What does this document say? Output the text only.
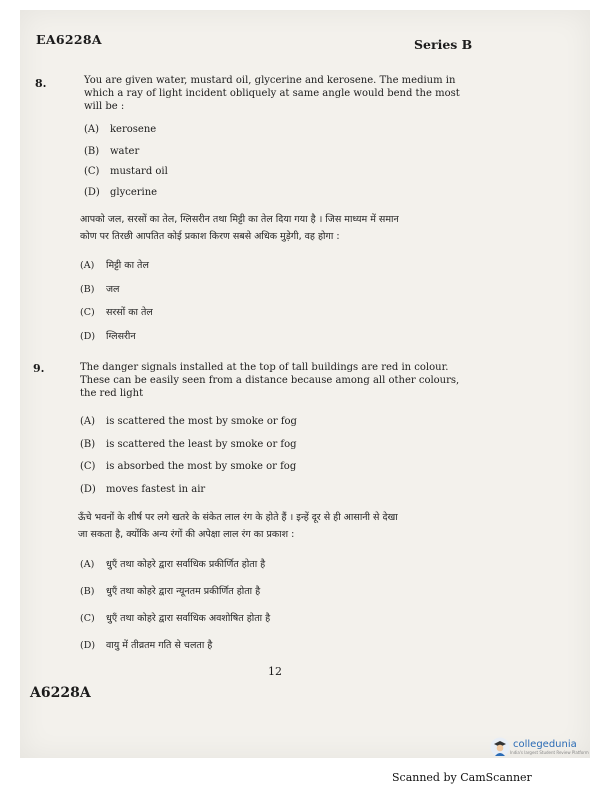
EA6228A	Series B
8.	You are given water, mustard oil, glycerine and kerosene. The medium in
which a ray of light incident obliquely at same angle would bend the most
will be :
(A) kerosene
(B) water
(C) mustard oil
(D) glycerine
आपको जल, सरसों का तेल, ग्लिसरीन तथा मिट्टी का तेल दिया गया है । जिस माध्यम में समान
कोण पर तिरछी आपतित कोई प्रकाश किरण सबसे अधिक मुड़ेगी, वह होगा :
(A) मिट्टी का तेल
(B) जल
(C) सरसों का तेल
(D) ग्लिसरीन
9.	The danger signals installed at the top of tall buildings are red in colour.
These can be easily seen from a distance because among all other colours,
the red light
(A) is scattered the most by smoke or fog
(B) is scattered the least by smoke or fog
(C) is absorbed the most by smoke or fog
(D) moves fastest in air
ऊँचे भवनों के शीर्ष पर लगे खतरे के संकेत लाल रंग के होते हैं । इन्हें दूर से ही आसानी से देखा
जा सकता है, क्योंकि अन्य रंगों की अपेक्षा लाल रंग का प्रकाश :
(A) धुएँ तथा कोहरे द्वारा सर्वाधिक प्रकीर्णित होता है
(B) धुएँ तथा कोहरे द्वारा न्यूनतम प्रकीर्णित होता है
(C) धुएँ तथा कोहरे द्वारा सर्वाधिक अवशोषित होता है
(D) वायु में तीव्रतम गति से चलता है
12
A6228A
collegedunia
India's largest Student Review Platform
Scanned by CamScanner
